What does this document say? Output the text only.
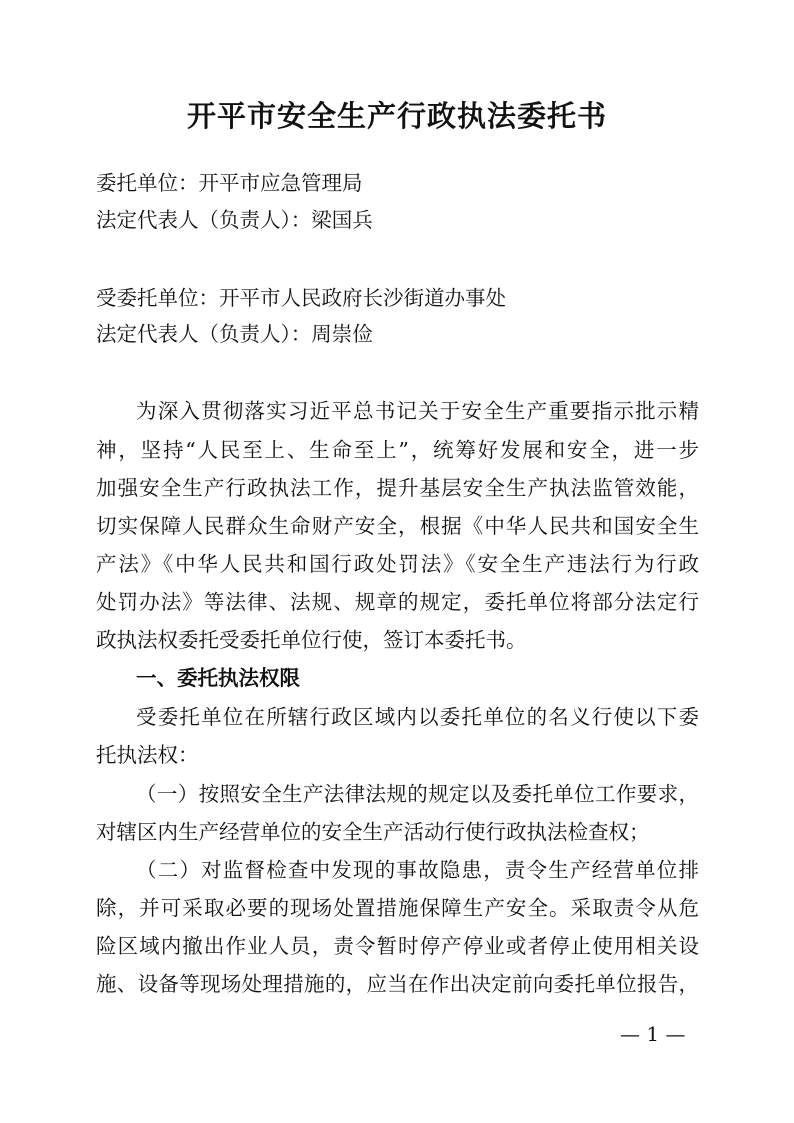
开平市安全生产行政执法委托书
委托单位：开平市应急管理局
法定代表人（负责人）：梁国兵
受委托单位：开平市人民政府长沙街道办事处
法定代表人（负责人）：周崇俭
为深入贯彻落实习近平总书记关于安全生产重要指示批示精
神，坚持“人民至上、生命至上”，统筹好发展和安全，进一步
加强安全生产行政执法工作，提升基层安全生产执法监管效能，
切实保障人民群众生命财产安全，根据《中华人民共和国安全生
产法》《中华人民共和国行政处罚法》《安全生产违法行为行政
处罚办法》等法律、法规、规章的规定，委托单位将部分法定行
政执法权委托受委托单位行使，签订本委托书。
一、委托执法权限
受委托单位在所辖行政区域内以委托单位的名义行使以下委
托执法权：
（一）按照安全生产法律法规的规定以及委托单位工作要求，
对辖区内生产经营单位的安全生产活动行使行政执法检查权；
（二）对监督检查中发现的事故隐患，责令生产经营单位排
除，并可采取必要的现场处置措施保障生产安全。采取责令从危
险区域内撤出作业人员，责令暂时停产停业或者停止使用相关设
施、设备等现场处理措施的，应当在作出决定前向委托单位报告，
— 1 —
